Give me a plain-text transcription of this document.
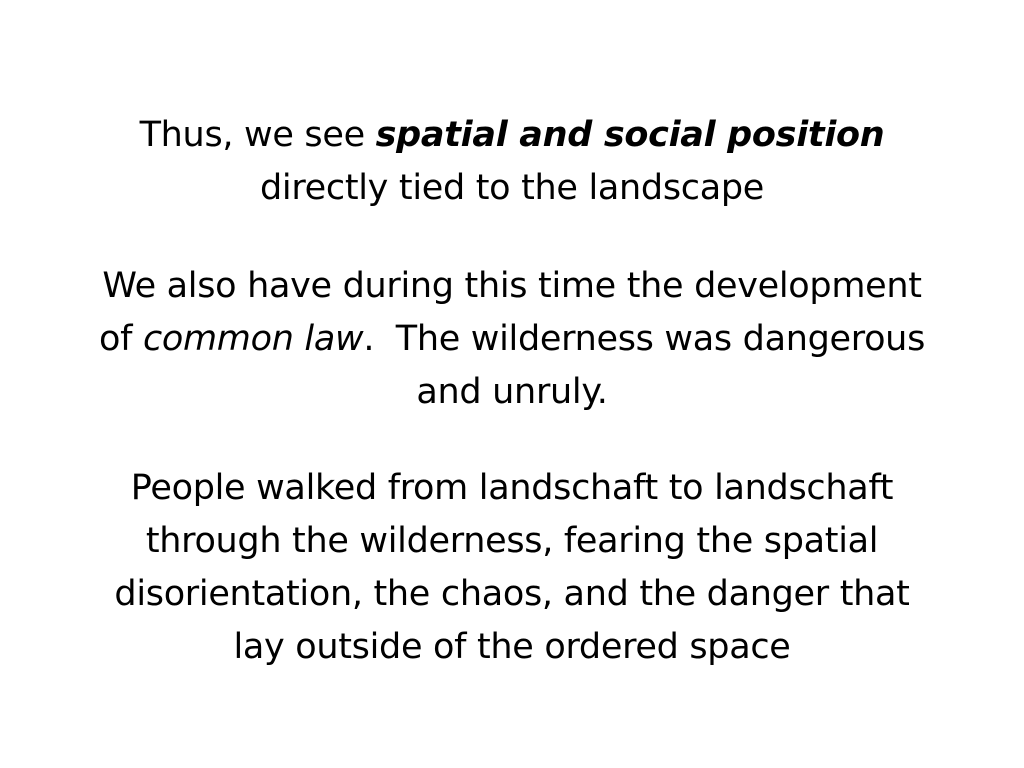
Thus, we see spatial and social position
directly tied to the landscape

We also have during this time the development
of common law.  The wilderness was dangerous
and unruly.

People walked from landschaft to landschaft
through the wilderness, fearing the spatial
disorientation, the chaos, and the danger that
lay outside of the ordered space
